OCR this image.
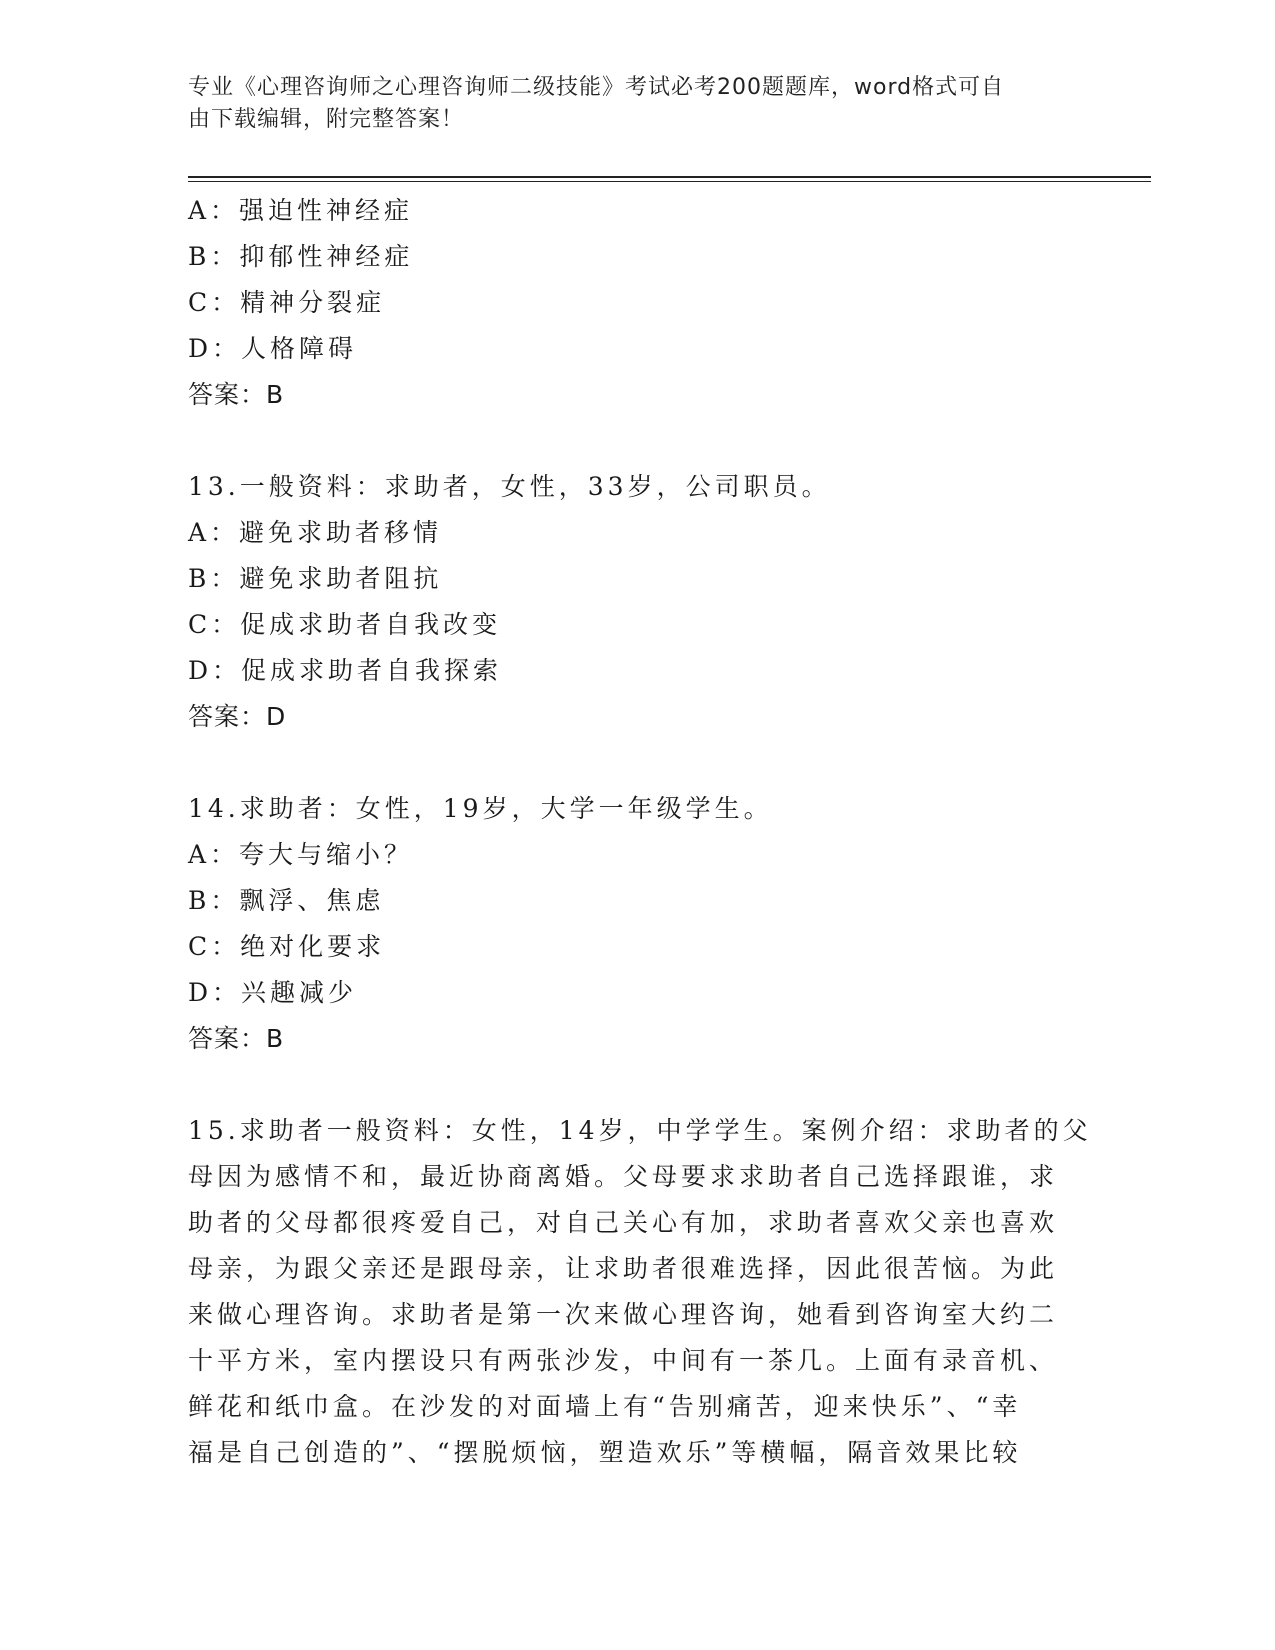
专业《心理咨询师之心理咨询师二级技能》考试必考200题题库，word格式可自
由下载编辑，附完整答案！
A：强迫性神经症
B：抑郁性神经症
C：精神分裂症
D：人格障碍
答案：B
13.一般资料：求助者，女性，33岁，公司职员。
A：避免求助者移情
B：避免求助者阻抗
C：促成求助者自我改变
D：促成求助者自我探索
答案：D
14.求助者：女性，19岁，大学一年级学生。
A：夸大与缩小？
B：飘浮、焦虑
C：绝对化要求
D：兴趣减少
答案：B
15.求助者一般资料：女性，14岁，中学学生。案例介绍：求助者的父
母因为感情不和，最近协商离婚。父母要求求助者自己选择跟谁，求
助者的父母都很疼爱自己，对自己关心有加，求助者喜欢父亲也喜欢
母亲，为跟父亲还是跟母亲，让求助者很难选择，因此很苦恼。为此
来做心理咨询。求助者是第一次来做心理咨询，她看到咨询室大约二
十平方米，室内摆设只有两张沙发，中间有一茶几。上面有录音机、
鲜花和纸巾盒。在沙发的对面墙上有“告别痛苦，迎来快乐”、“幸
福是自己创造的”、“摆脱烦恼，塑造欢乐”等横幅，隔音效果比较
